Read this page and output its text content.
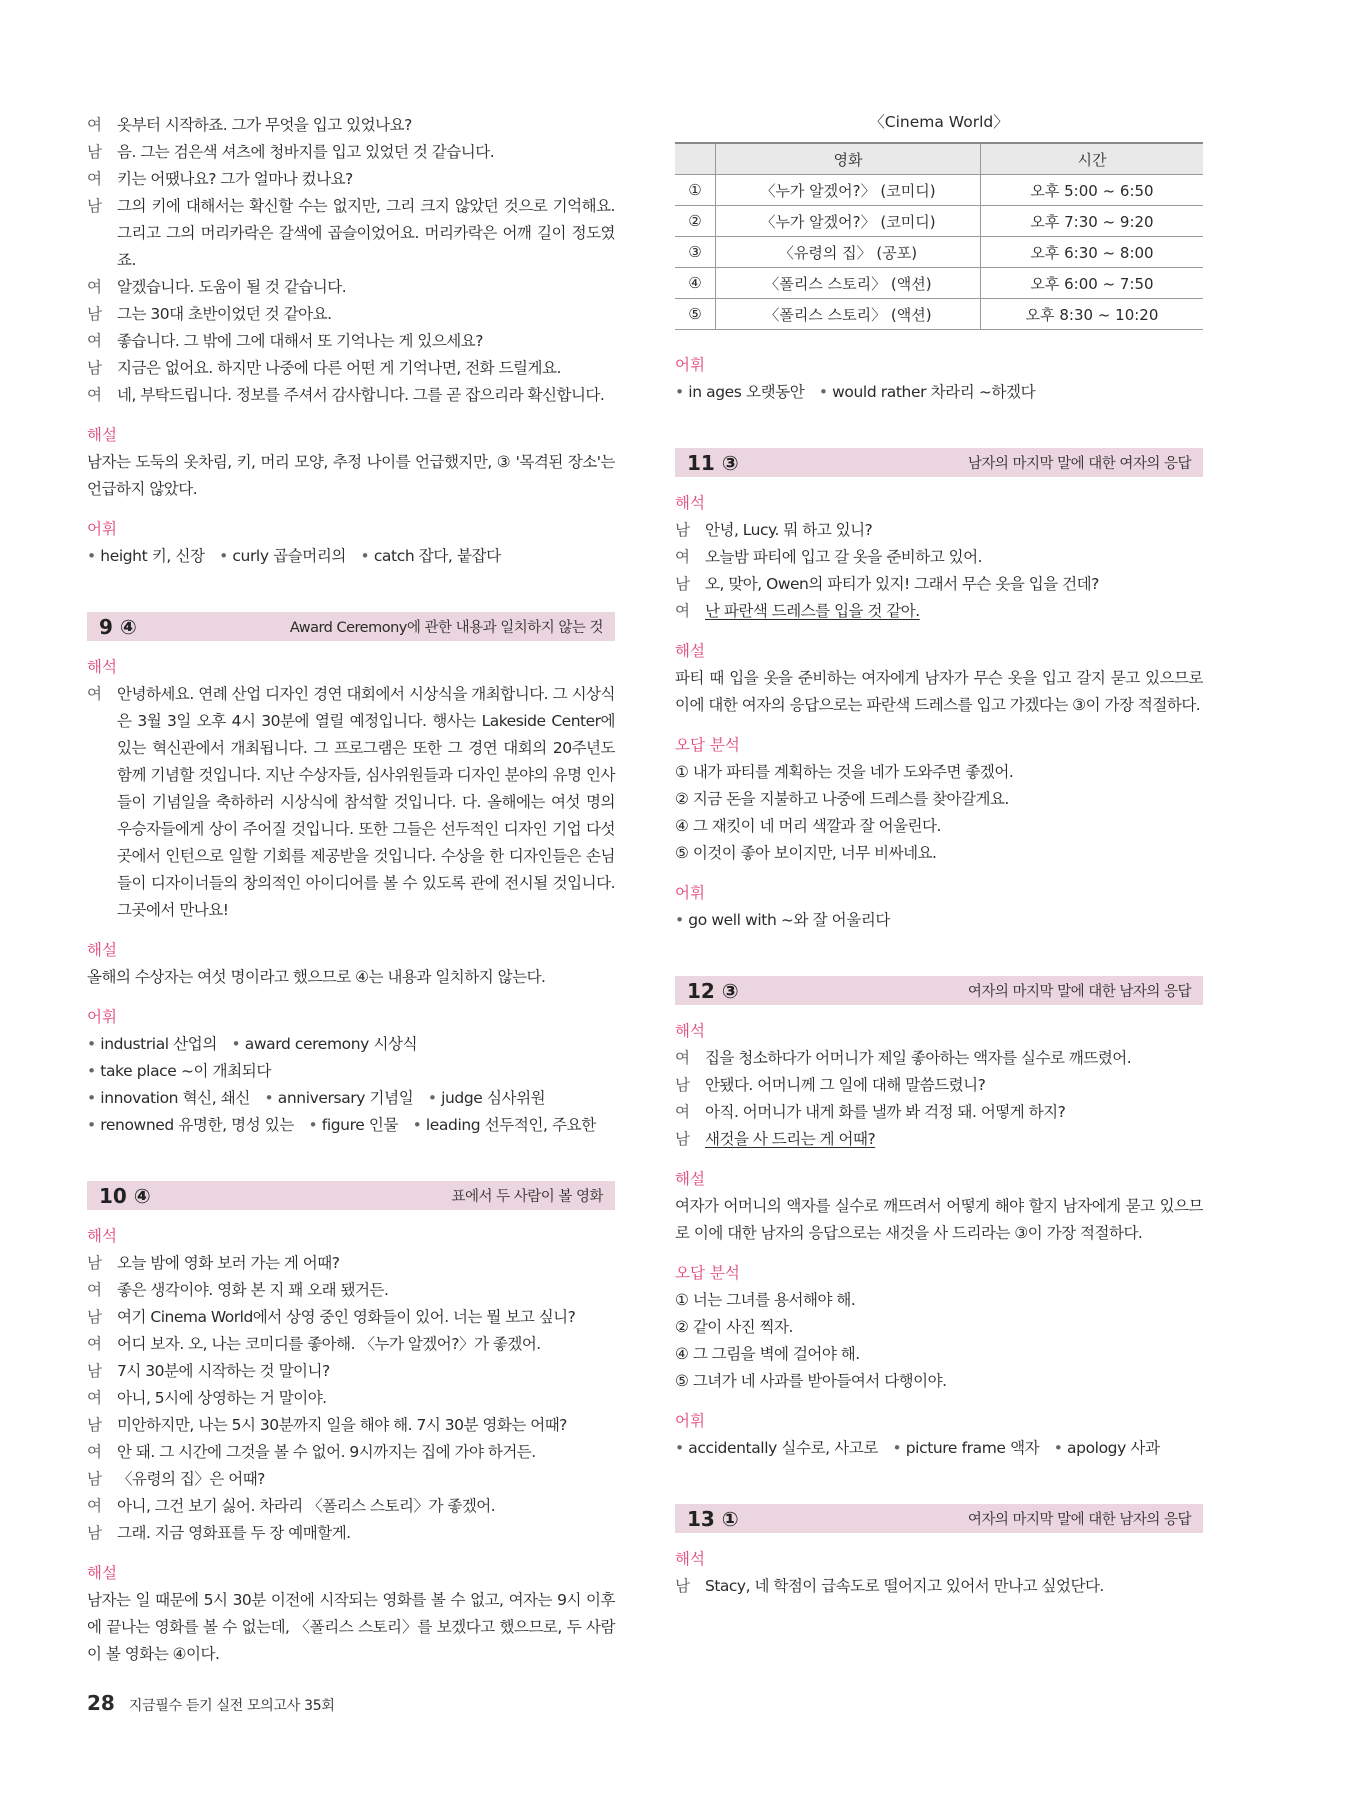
여	옷부터 시작하죠. 그가 무엇을 입고 있었나요?
남	음. 그는 검은색 셔츠에 청바지를 입고 있었던 것 같습니다.
여	키는 어땠나요? 그가 얼마나 컸나요?
남	그의 키에 대해서는 확신할 수는 없지만, 그리 크지 않았던 것으로 기억해요. 그리고 그의 머리카락은 갈색에 곱슬이었어요. 머리카락은 어깨 길이 정도였죠.
여	알겠습니다. 도움이 될 것 같습니다.
남	그는 30대 초반이었던 것 같아요.
여	좋습니다. 그 밖에 그에 대해서 또 기억나는 게 있으세요?
남	지금은 없어요. 하지만 나중에 다른 어떤 게 기억나면, 전화 드릴게요.
여	네, 부탁드립니다. 정보를 주셔서 감사합니다. 그를 곧 잡으리라 확신합니다.
해설
남자는 도둑의 옷차림, 키, 머리 모양, 추정 나이를 언급했지만, ③ '목격된 장소'는 언급하지 않았다.
어휘
• height 키, 신장 • curly 곱슬머리의 • catch 잡다, 붙잡다
9 ④	Award Ceremony에 관한 내용과 일치하지 않는 것
해석
여	안녕하세요. 연례 산업 디자인 경연 대회에서 시상식을 개최합니다. 그 시상식은 3월 3일 오후 4시 30분에 열릴 예정입니다. 행사는 Lakeside Center에 있는 혁신관에서 개최됩니다. 그 프로그램은 또한 그 경연 대회의 20주년도 함께 기념할 것입니다. 지난 수상자들, 심사위원들과 디자인 분야의 유명 인사들이 기념일을 축하하러 시상식에 참석할 것입니다. 다. 올해에는 여섯 명의 우승자들에게 상이 주어질 것입니다. 또한 그들은 선두적인 디자인 기업 다섯 곳에서 인턴으로 일할 기회를 제공받을 것입니다. 수상을 한 디자인들은 손님들이 디자이너들의 창의적인 아이디어를 볼 수 있도록 관에 전시될 것입니다. 그곳에서 만나요!
해설
올해의 수상자는 여섯 명이라고 했으므로 ④는 내용과 일치하지 않는다.
어휘
• industrial 산업의 • award ceremony 시상식 • take place ~이 개최되다
• innovation 혁신, 쇄신 • anniversary 기념일 • judge 심사위원
• renowned 유명한, 명성 있는 • figure 인물 • leading 선두적인, 주요한
10 ④	표에서 두 사람이 볼 영화
해석
남	오늘 밤에 영화 보러 가는 게 어때?
여	좋은 생각이야. 영화 본 지 꽤 오래 됐거든.
남	여기 Cinema World에서 상영 중인 영화들이 있어. 너는 뭘 보고 싶니?
여	어디 보자. 오, 나는 코미디를 좋아해. 〈누가 알겠어?〉가 좋겠어.
남	7시 30분에 시작하는 것 말이니?
여	아니, 5시에 상영하는 거 말이야.
남	미안하지만, 나는 5시 30분까지 일을 해야 해. 7시 30분 영화는 어때?
여	안 돼. 그 시간에 그것을 볼 수 없어. 9시까지는 집에 가야 하거든.
남	〈유령의 집〉은 어때?
여	아니, 그건 보기 싫어. 차라리 〈폴리스 스토리〉가 좋겠어.
남	그래. 지금 영화표를 두 장 예매할게.
해설
남자는 일 때문에 5시 30분 이전에 시작되는 영화를 볼 수 없고, 여자는 9시 이후에 끝나는 영화를 볼 수 없는데, 〈폴리스 스토리〉를 보겠다고 했으므로, 두 사람이 볼 영화는 ④이다.
〈Cinema World〉
	영화	시간
①	〈누가 알겠어?〉 (코미디)	오후 5:00 ~ 6:50
②	〈누가 알겠어?〉 (코미디)	오후 7:30 ~ 9:20
③	〈유령의 집〉 (공포)	오후 6:30 ~ 8:00
④	〈폴리스 스토리〉 (액션)	오후 6:00 ~ 7:50
⑤	〈폴리스 스토리〉 (액션)	오후 8:30 ~ 10:20
어휘
• in ages 오랫동안 • would rather 차라리 ~하겠다
11 ③	남자의 마지막 말에 대한 여자의 응답
해석
남	안녕, Lucy. 뭐 하고 있니?
여	오늘밤 파티에 입고 갈 옷을 준비하고 있어.
남	오, 맞아, Owen의 파티가 있지! 그래서 무슨 옷을 입을 건데?
여	난 파란색 드레스를 입을 것 같아.
해설
파티 때 입을 옷을 준비하는 여자에게 남자가 무슨 옷을 입고 갈지 묻고 있으므로 이에 대한 여자의 응답으로는 파란색 드레스를 입고 가겠다는 ③이 가장 적절하다.
오답 분석
① 내가 파티를 계획하는 것을 네가 도와주면 좋겠어.
② 지금 돈을 지불하고 나중에 드레스를 찾아갈게요.
④ 그 재킷이 네 머리 색깔과 잘 어울린다.
⑤ 이것이 좋아 보이지만, 너무 비싸네요.
어휘
• go well with ~와 잘 어울리다
12 ③	여자의 마지막 말에 대한 남자의 응답
해석
여	집을 청소하다가 어머니가 제일 좋아하는 액자를 실수로 깨뜨렸어.
남	안됐다. 어머니께 그 일에 대해 말씀드렸니?
여	아직. 어머니가 내게 화를 낼까 봐 걱정 돼. 어떻게 하지?
남	새것을 사 드리는 게 어때?
해설
여자가 어머니의 액자를 실수로 깨뜨려서 어떻게 해야 할지 남자에게 묻고 있으므로 이에 대한 남자의 응답으로는 새것을 사 드리라는 ③이 가장 적절하다.
오답 분석
① 너는 그녀를 용서해야 해.
② 같이 사진 찍자.
④ 그 그림을 벽에 걸어야 해.
⑤ 그녀가 네 사과를 받아들여서 다행이야.
어휘
• accidentally 실수로, 사고로 • picture frame 액자 • apology 사과
13 ①	여자의 마지막 말에 대한 남자의 응답
해석
남	Stacy, 네 학점이 급속도로 떨어지고 있어서 만나고 싶었단다.
28 지금필수 듣기 실전 모의고사 35회
